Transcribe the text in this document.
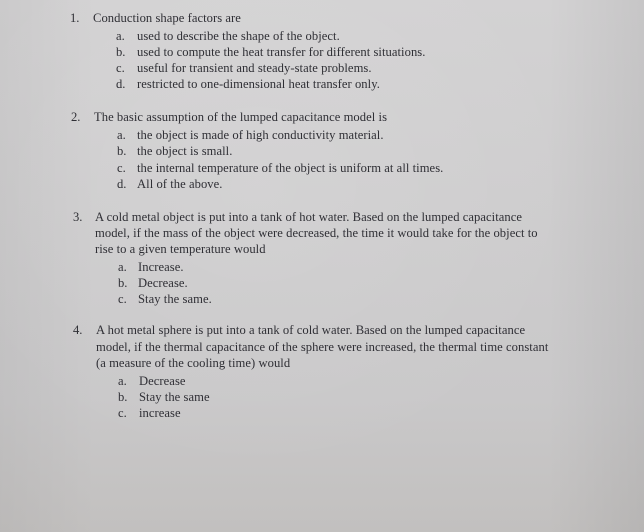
1. Conduction shape factors are
a. used to describe the shape of the object.
b. used to compute the heat transfer for different situations.
c. useful for transient and steady-state problems.
d. restricted to one-dimensional heat transfer only.
2. The basic assumption of the lumped capacitance model is
a. the object is made of high conductivity material.
b. the object is small.
c. the internal temperature of the object is uniform at all times.
d. All of the above.
3. A cold metal object is put into a tank of hot water. Based on the lumped capacitance
model, if the mass of the object were decreased, the time it would take for the object to
rise to a given temperature would
a. Increase.
b. Decrease.
c. Stay the same.
4. A hot metal sphere is put into a tank of cold water. Based on the lumped capacitance
model, if the thermal capacitance of the sphere were increased, the thermal time constant
(a measure of the cooling time) would
a. Decrease
b. Stay the same
c. increase
